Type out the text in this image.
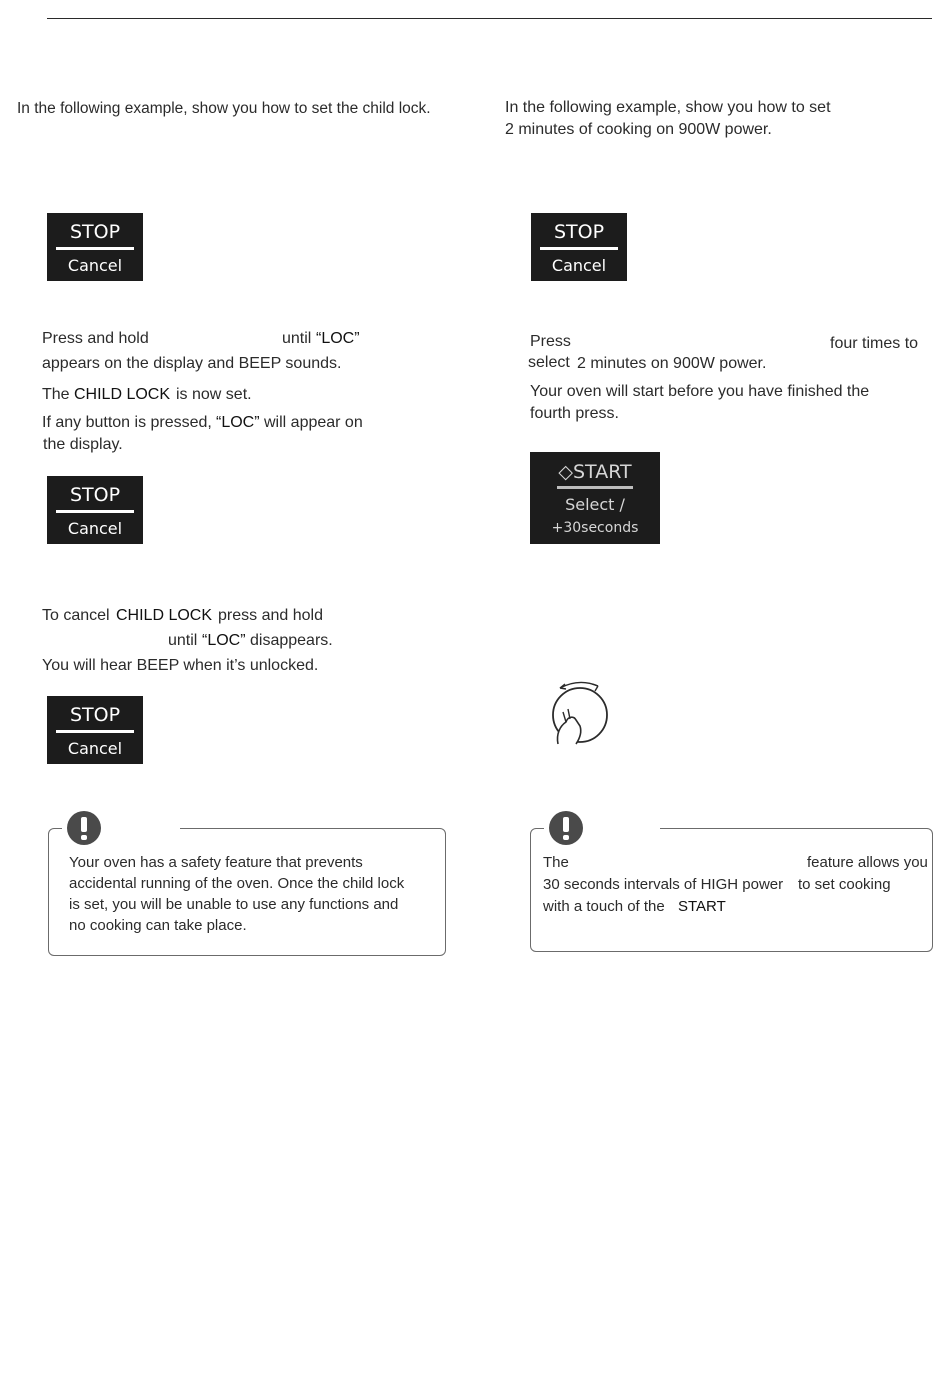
In the following example, show you how to set the child lock.
STOP
Cancel
Press and hold	until “LOC”
appears on the display and BEEP sounds.
The CHILD LOCK is now set.
If any button is pressed, “LOC” will appear on
the display.
STOP
Cancel
To cancel CHILD LOCK press and hold
until “LOC” disappears.
You will hear BEEP when it’s unlocked.
STOP
Cancel
Your oven has a safety feature that prevents
accidental running of the oven. Once the child lock
is set, you will be unable to use any functions and
no cooking can take place.
In the following example, show you how to set
2 minutes of cooking on 900W power.
STOP
Cancel
Press	four times to
select 2 minutes on 900W power.
Your oven will start before you have finished the
fourth press.
◇START
Select /
+30seconds
The	feature allows you
30 seconds intervals of HIGH power to set cooking
with a touch of the START
